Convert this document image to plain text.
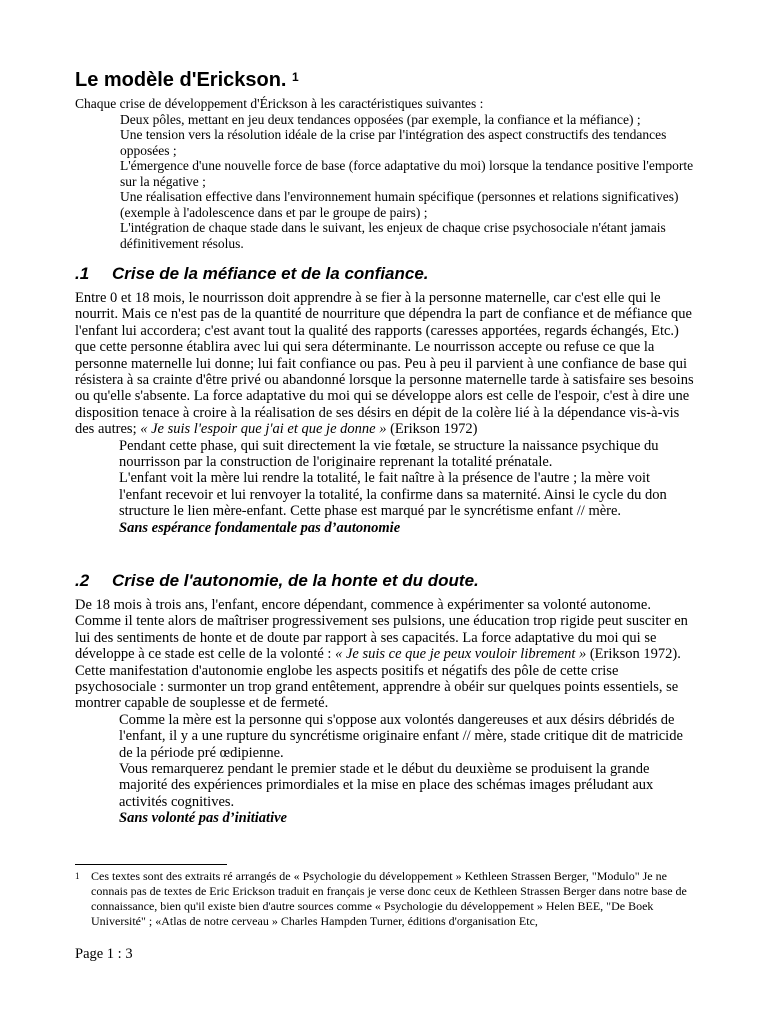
Le modèle d'Erickson. $^1$

Chaque crise de développement d'Érickson à les caractéristiques suivantes :

Deux pôles, mettant en jeu deux tendances opposées (par exemple, la confiance et la méfiance) ;
Une tension vers la résolution idéale de la crise par l'intégration des aspect constructifs des tendances opposées ;
L'émergence d'une nouvelle force de base (force adaptative du moi) lorsque la tendance positive l'emporte sur la négative ;
Une réalisation effective dans l'environnement humain spécifique (personnes et relations significatives) (exemple à l'adolescence dans et par le groupe de pairs) ;
L'intégration de chaque stade dans le suivant, les enjeux de chaque crise psychosociale n'étant jamais définitivement résolus.
.1 Crise de la méfiance et de la confiance.

Entre 0 et 18 mois, le nourrisson doit apprendre à se fier à la personne maternelle, car c'est elle qui le nourrit. Mais ce n'est pas de la quantité de nourriture que dépendra la part de confiance et de méfiance que l'enfant lui accordera; c'est avant tout la qualité des rapports (caresses apportées, regards échangés, Etc.) que cette personne établira avec lui qui sera déterminante. Le nourrisson accepte ou refuse ce que la personne maternelle lui donne; lui fait confiance ou pas. Peu à peu il parvient à une confiance de base qui résistera à sa crainte d'être privé ou abandonné lorsque la personne maternelle tarde à satisfaire ses besoins ou qu'elle s'absente. La force adaptative du moi qui se développe alors est celle de l'espoir, c'est à dire une disposition tenace à croire à la réalisation de ses désirs en dépit de la colère lié à la dépendance vis-à-vis des autres; « Je suis l'espoir que j'ai et que je donne » (Erikson 1972)

Pendant cette phase, qui suit directement la vie fœtale, se structure la naissance psychique du nourrisson par la construction de l'originaire reprenant la totalité prénatale.

L'enfant voit la mère lui rendre la totalité, le fait naître à la présence de l'autre ; la mère voit l'enfant recevoir et lui renvoyer la totalité, la confirme dans sa maternité. Ainsi le cycle du don structure le lien mère-enfant. Cette phase est marqué par le syncrétisme enfant // mère.

Sans espérance fondamentale pas d’autonomie

.2 Crise de l'autonomie, de la honte et du doute.

De 18 mois à trois ans, l'enfant, encore dépendant, commence à expérimenter sa volonté autonome. Comme il tente alors de maîtriser progressivement ses pulsions, une éducation trop rigide peut susciter en lui des sentiments de honte et de doute par rapport à ses capacités. La force adaptative du moi qui se développe à ce stade est celle de la volonté : « Je suis ce que je peux vouloir librement » (Erikson 1972). Cette manifestation d'autonomie englobe les aspects positifs et négatifs des pôle de cette crise psychosociale : surmonter un trop grand entêtement, apprendre à obéir sur quelques points essentiels, se montrer capable de souplesse et de fermeté.

Comme la mère est la personne qui s'oppose aux volontés dangereuses et aux désirs débridés de l'enfant, il y a une rupture du syncrétisme originaire enfant // mère, stade critique dit de matricide de la période pré œdipienne.

Vous remarquerez pendant le premier stade et le début du deuxième se produisent la grande majorité des expériences primordiales et la mise en place des schémas images préludant aux activités cognitives.

Sans volonté pas d’initiative

1 Ces textes sont des extraits ré arrangés de « Psychologie du développement » Kethleen Strassen Berger, "Modulo" Je ne connais pas de textes de Eric Erickson traduit en français je verse donc ceux de Kethleen Strassen Berger dans notre base de connaissance, bien qu'il existe bien d'autre sources comme « Psychologie du développement » Helen BEE, "De Boek Université" ; «Atlas de notre cerveau » Charles Hampden Turner, éditions d'organisation Etc,
Page 1 : 3
